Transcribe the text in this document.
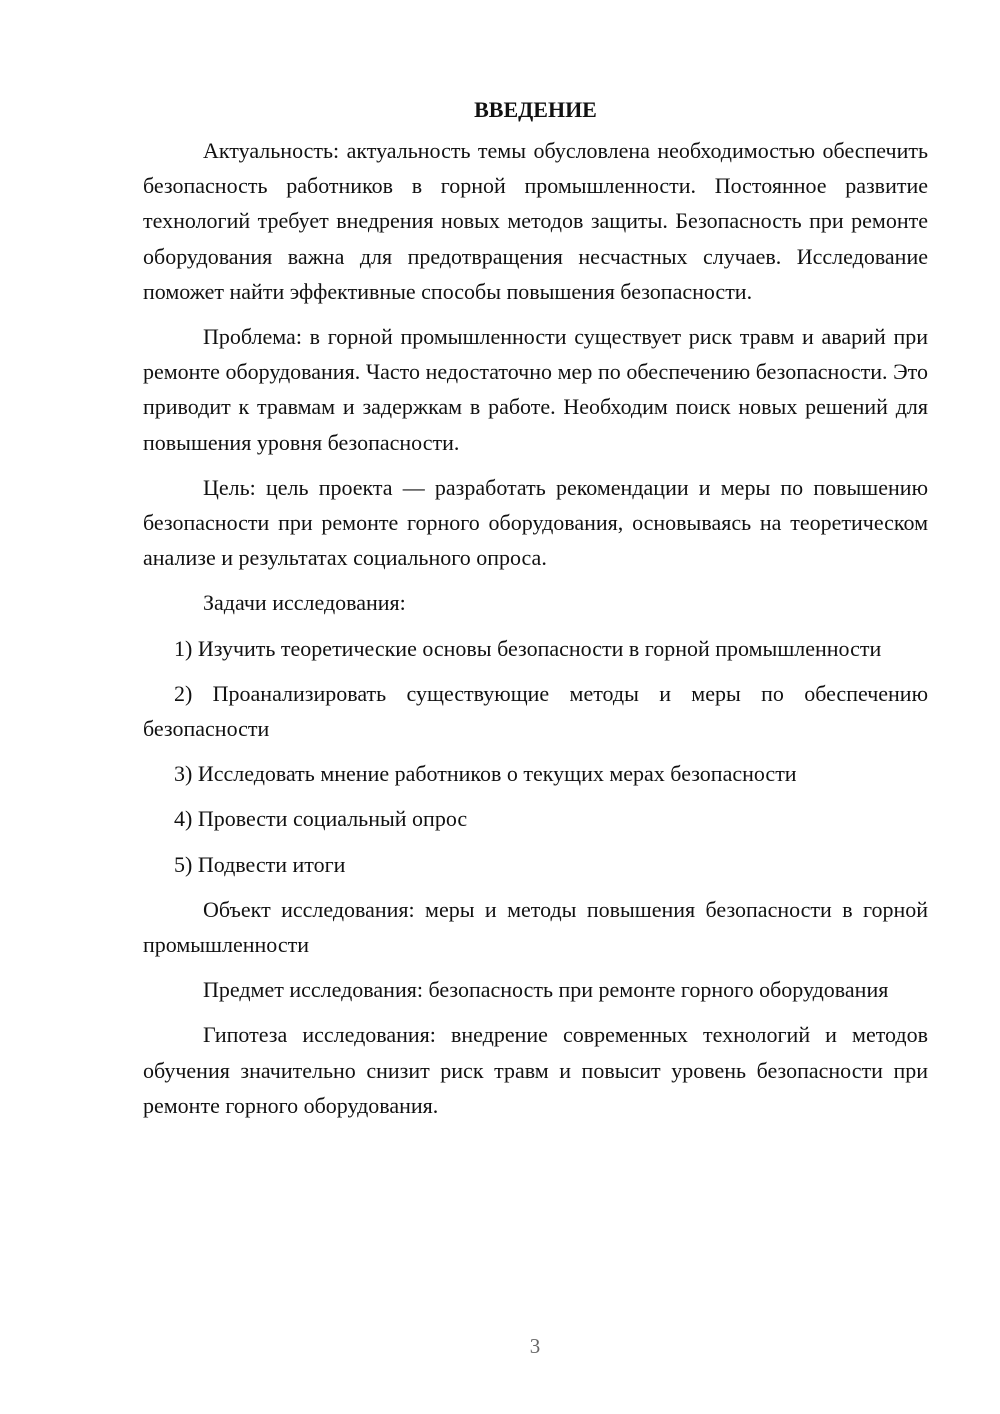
ВВЕДЕНИЕ

Актуальность: актуальность темы обусловлена необходимостью обеспечить безопасность работников в горной промышленности. Постоянное развитие технологий требует внедрения новых методов защиты. Безопасность при ремонте оборудования важна для предотвращения несчастных случаев. Исследование поможет найти эффективные способы повышения безопасности.

Проблема: в горной промышленности существует риск травм и аварий при ремонте оборудования. Часто недостаточно мер по обеспечению безопасности. Это приводит к травмам и задержкам в работе. Необходим поиск новых решений для повышения уровня безопасности.

Цель: цель проекта — разработать рекомендации и меры по повышению безопасности при ремонте горного оборудования, основываясь на теоретическом анализе и результатах социального опроса.

Задачи исследования:

1) Изучить теоретические основы безопасности в горной промышленности

2) Проанализировать существующие методы и меры по обеспечению безопасности

3) Исследовать мнение работников о текущих мерах безопасности

4) Провести социальный опрос

5) Подвести итоги

Объект исследования: меры и методы повышения безопасности в горной промышленности

Предмет исследования: безопасность при ремонте горного оборудования

Гипотеза исследования: внедрение современных технологий и методов обучения значительно снизит риск травм и повысит уровень безопасности при ремонте горного оборудования.

3
